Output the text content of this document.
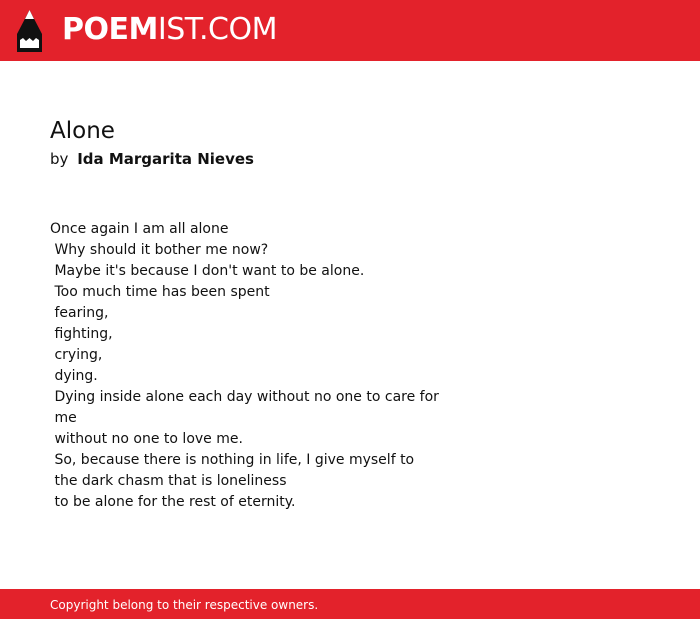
POEMIST.COM
Alone
by Ida Margarita Nieves
Once again I am all alone
Why should it bother me now?
Maybe it's because I don't want to be alone.
Too much time has been spent
fearing,
fighting,
crying,
dying.
Dying inside alone each day without no one to care for
me
without no one to love me.
So, because there is nothing in life, I give myself to
the dark chasm that is loneliness
to be alone for the rest of eternity.
Copyright belong to their respective owners.
